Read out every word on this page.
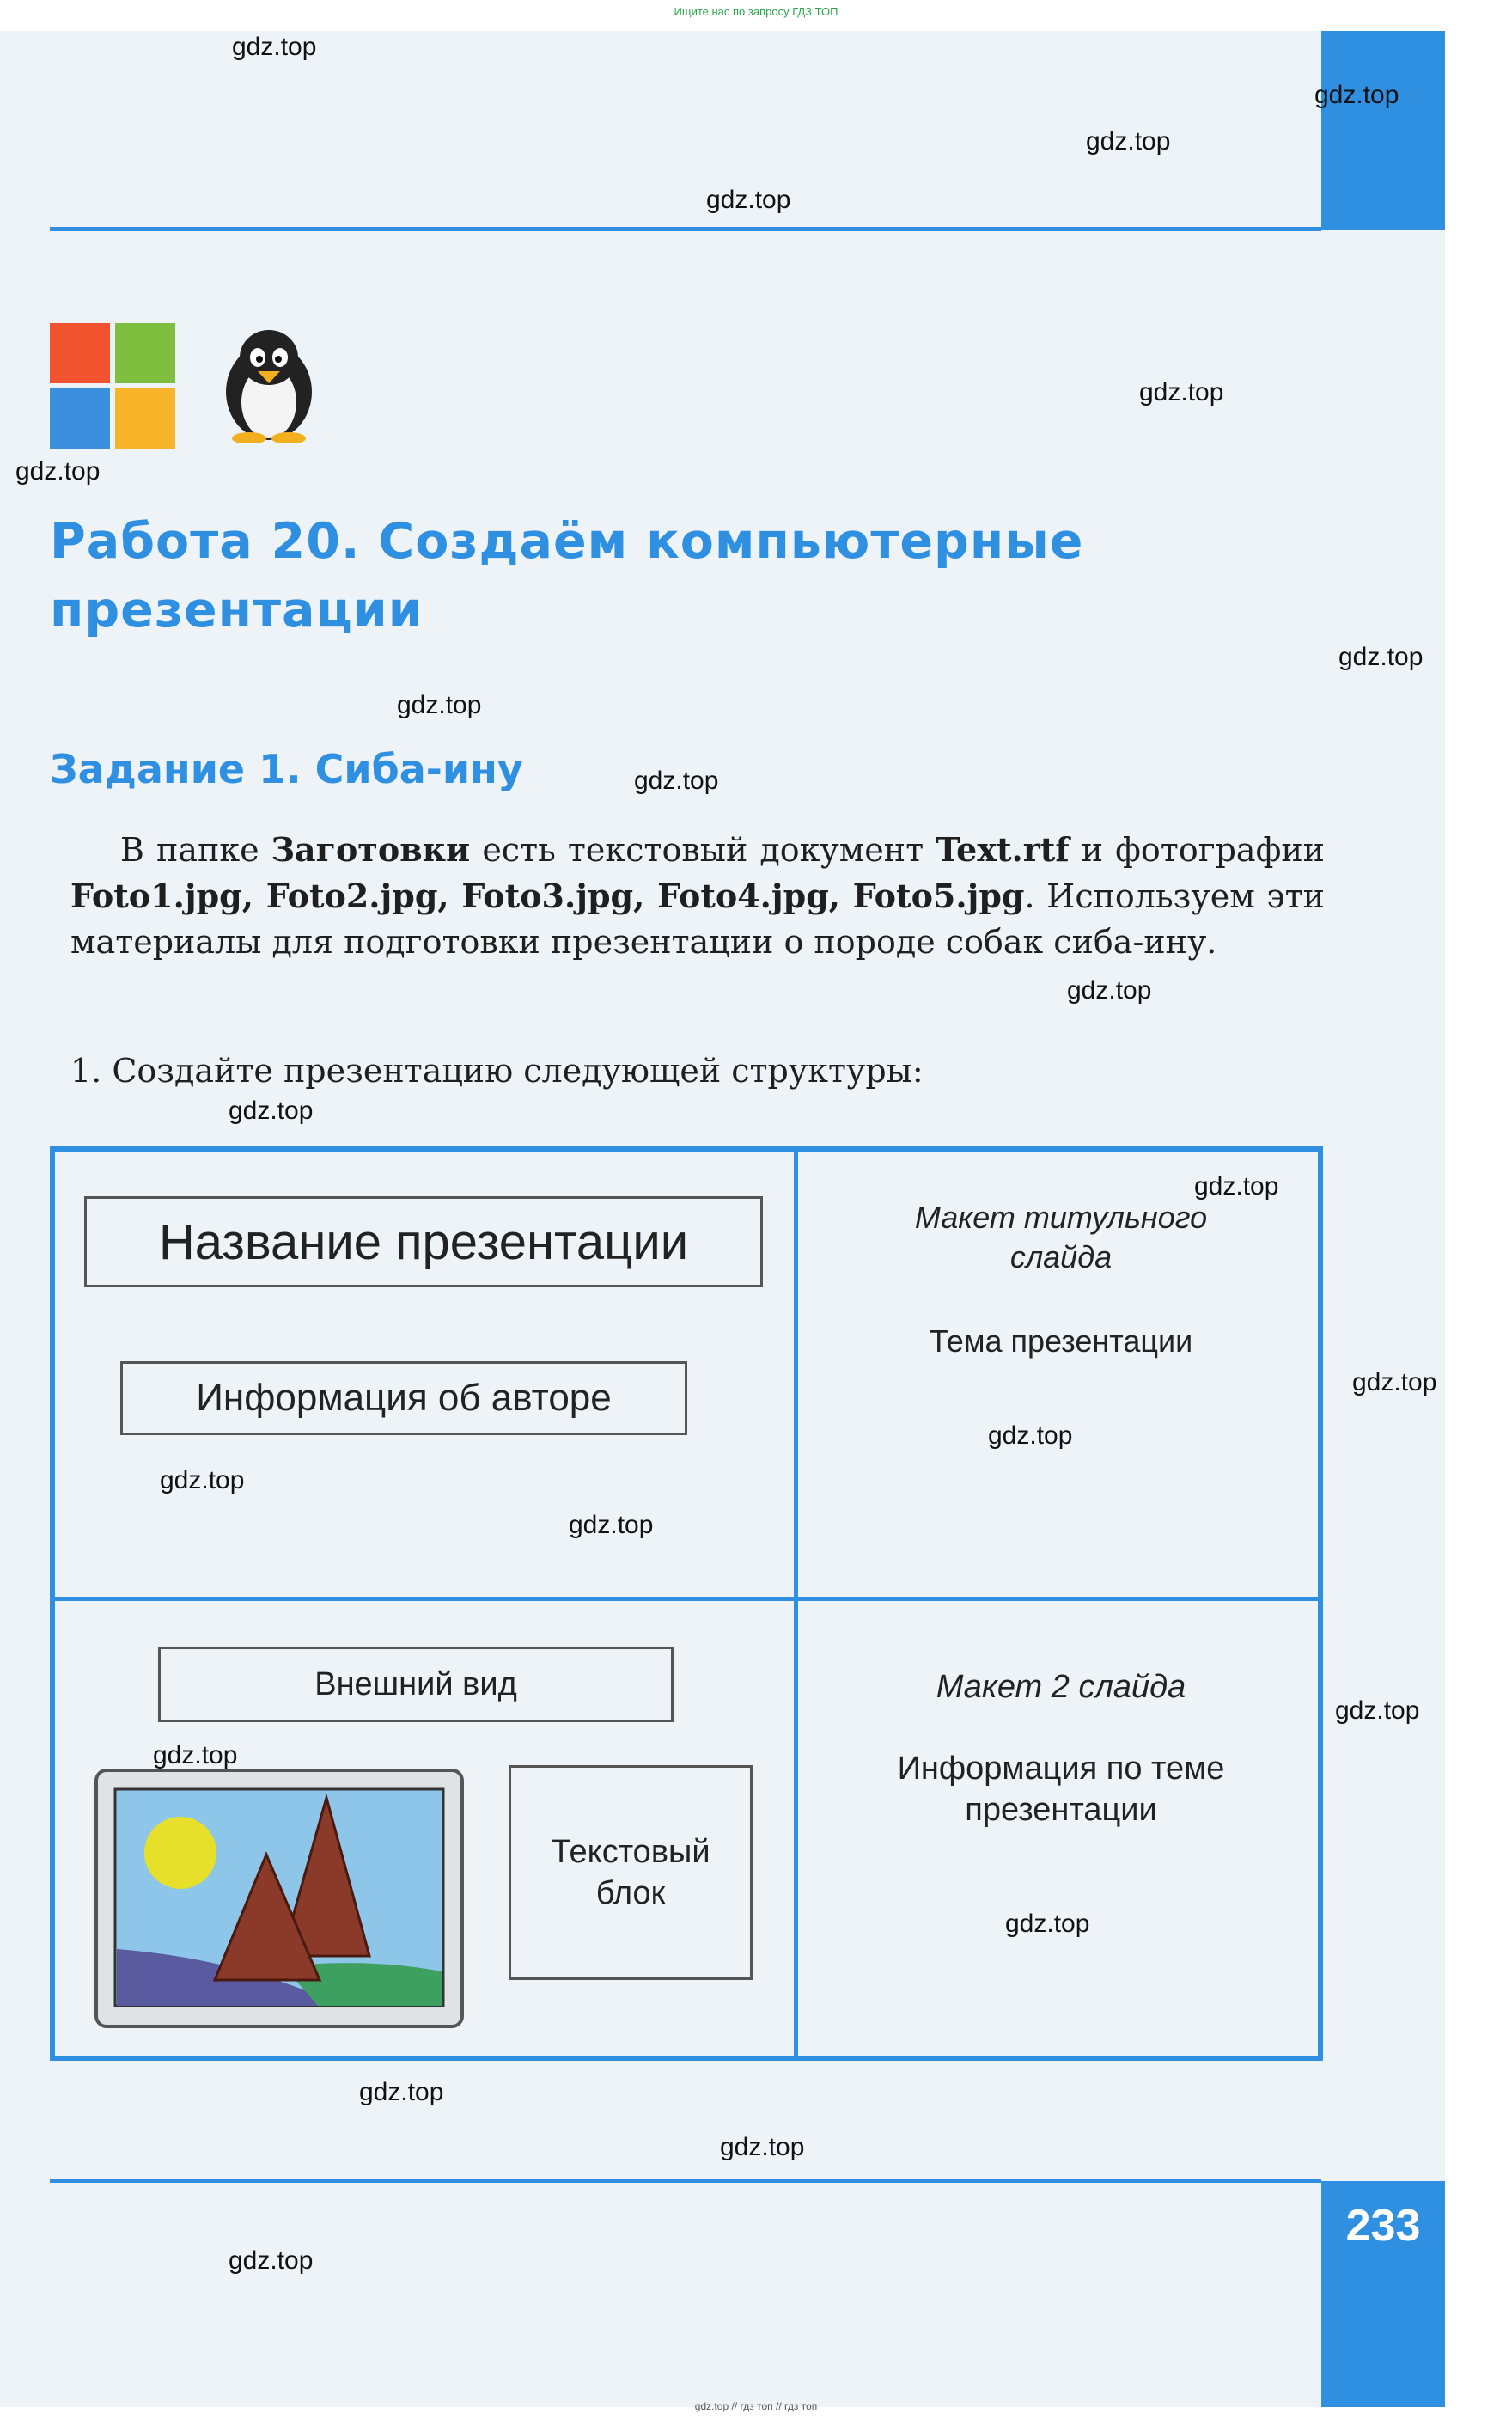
Ищите нас по запросу ГДЗ ТОП
Работа 20. Создаём компьютерные презентации
Задание 1. Сиба-ину
В папке Заготовки есть текстовый документ Text.rtf и фотографии Foto1.jpg, Foto2.jpg, Foto3.jpg, Foto4.jpg, Foto5.jpg. Используем эти материалы для подготовки презентации о породе собак сиба-ину.
1. Создайте презентацию следующей структуры:
Название презентации
Информация об авторе
Макет титульного слайда
Тема презентации
Внешний вид
Текстовый блок
Макет 2 слайда
Информация по теме презентации
233
gdz.top
gdz.top
gdz.top
gdz.top
gdz.top
gdz.top
gdz.top
gdz.top
gdz.top
gdz.top
gdz.top
gdz.top
gdz.top
gdz.top
gdz.top
gdz.top
gdz.top
gdz.top
gdz.top
gdz.top
gdz.top
gdz.top
gdz.top // гдз топ // гдз топ
